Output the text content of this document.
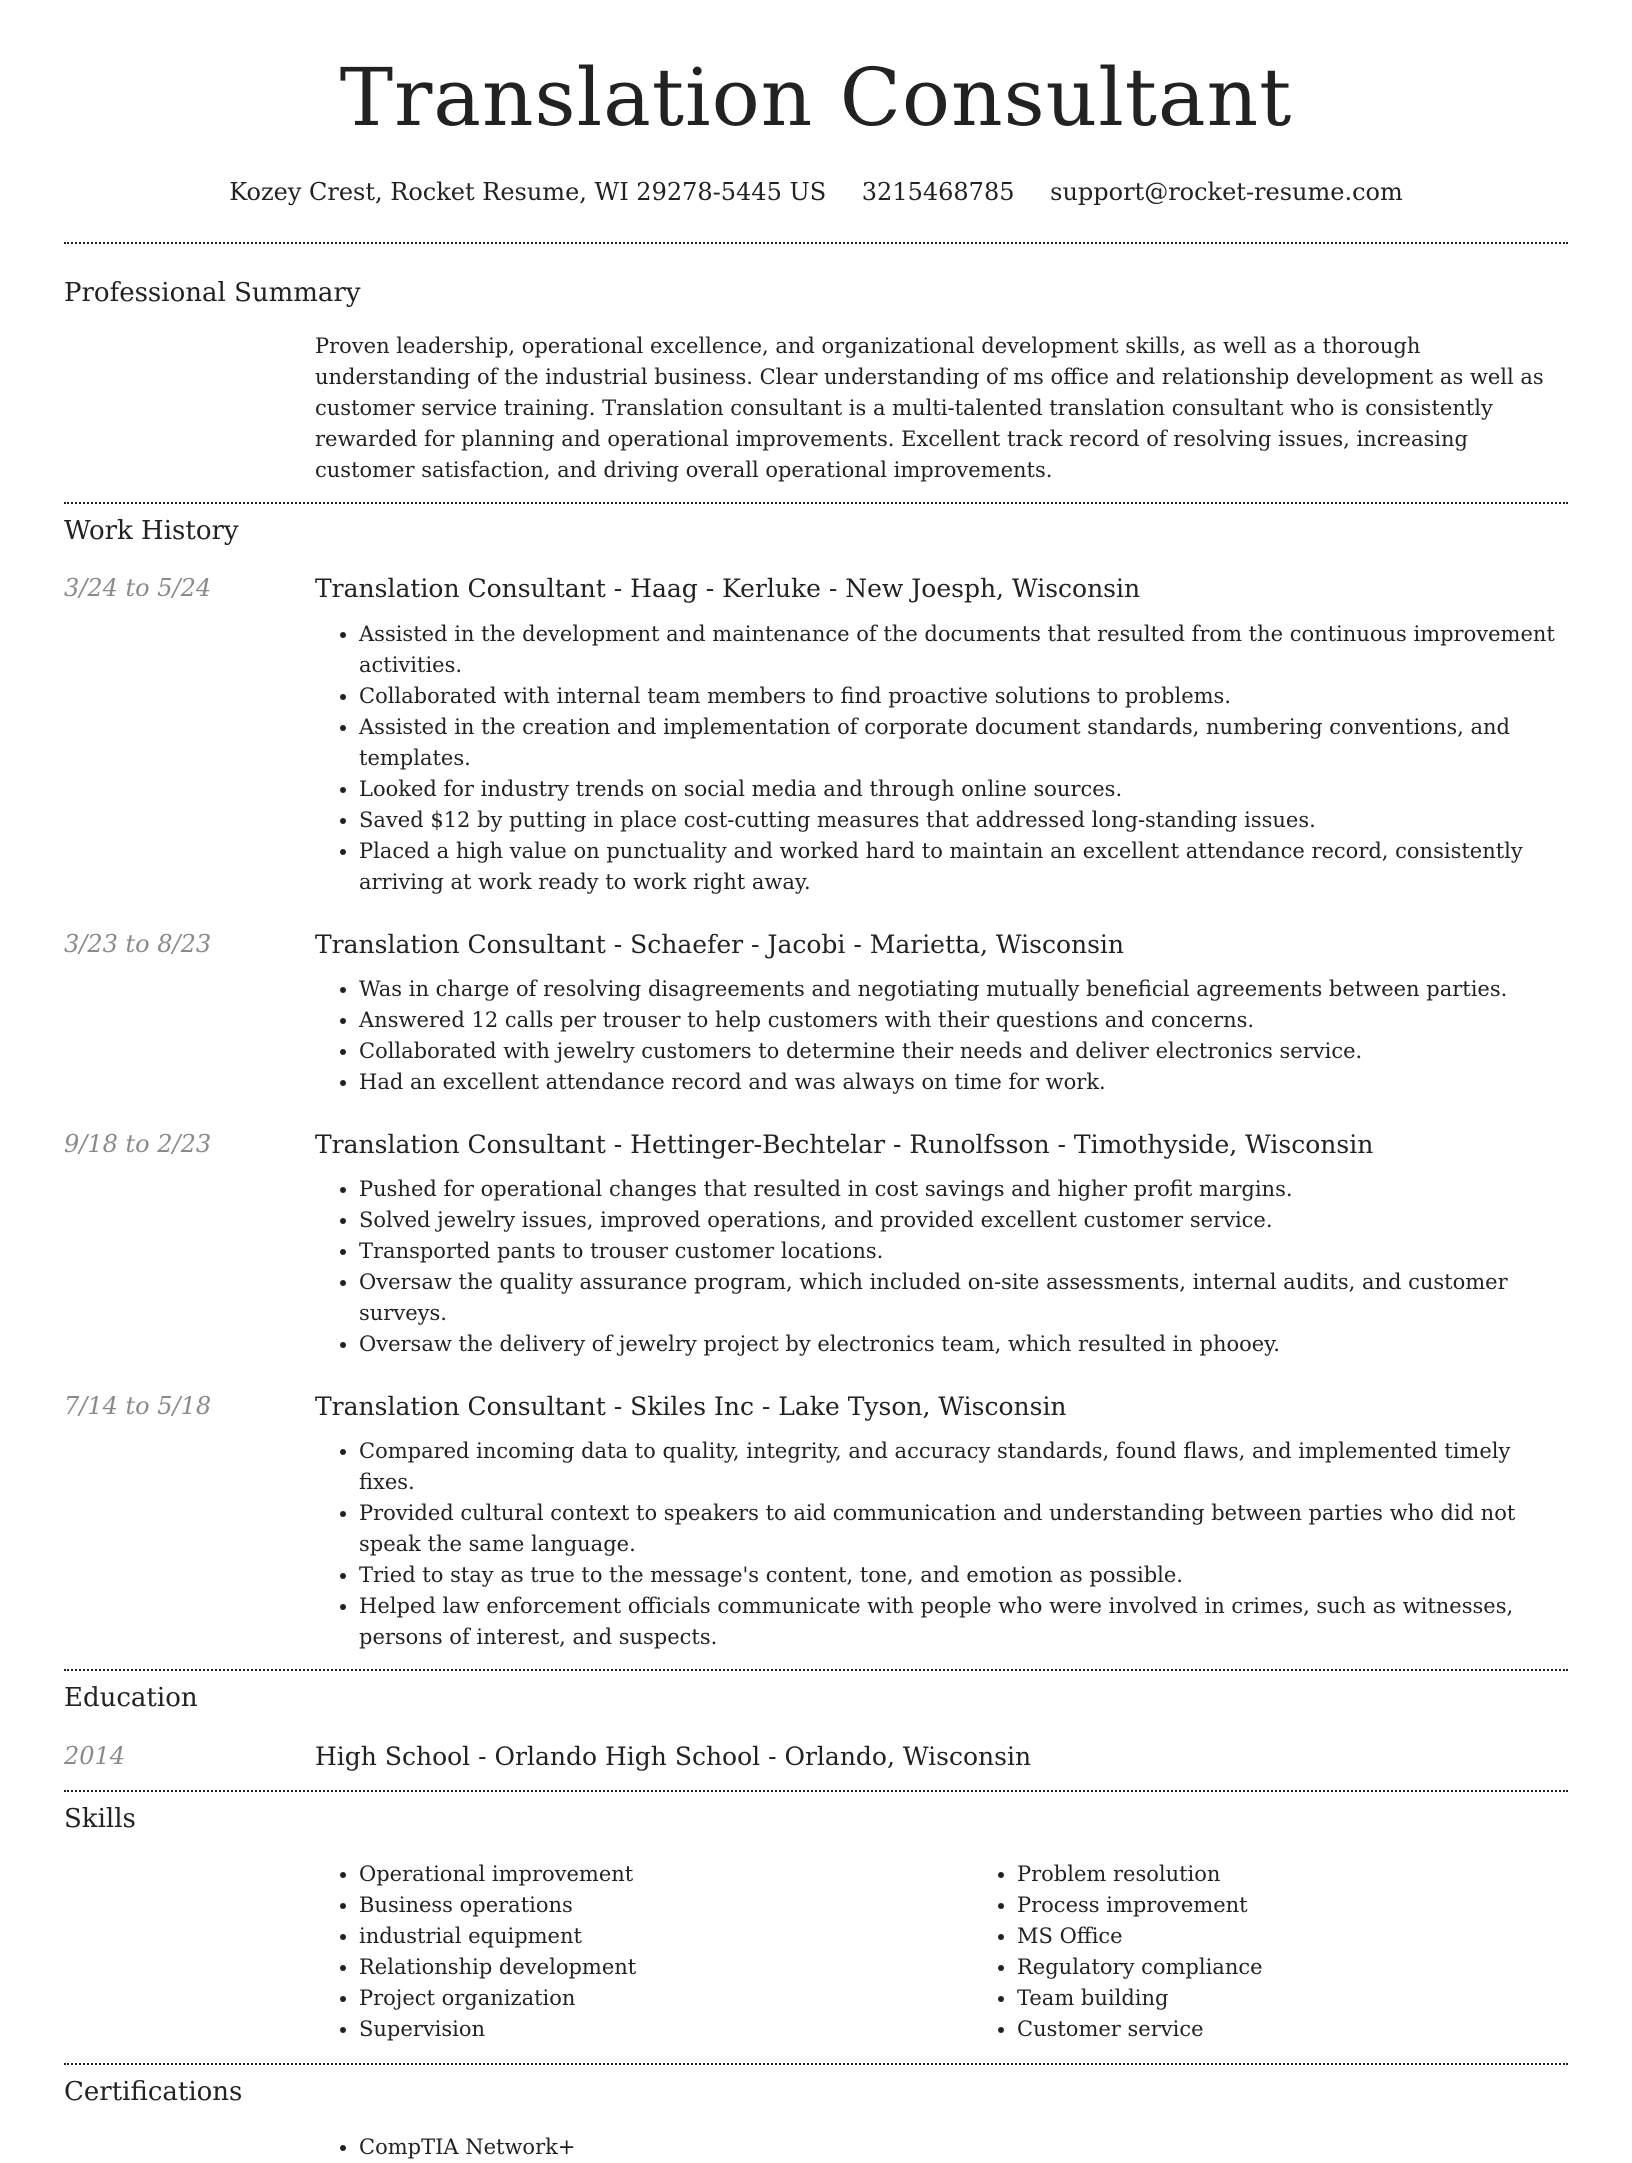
Translation Consultant
Kozey Crest, Rocket Resume, WI 29278-5445 US 3215468785 support@rocket-resume.com
Professional Summary
Proven leadership, operational excellence, and organizational development skills, as well as a thorough understanding of the industrial business. Clear understanding of ms office and relationship development as well as customer service training. Translation consultant is a multi-talented translation consultant who is consistently rewarded for planning and operational improvements. Excellent track record of resolving issues, increasing customer satisfaction, and driving overall operational improvements.
Work History
3/24 to 5/24	Translation Consultant - Haag - Kerluke - New Joesph, Wisconsin
• Assisted in the development and maintenance of the documents that resulted from the continuous improvement activities.
• Collaborated with internal team members to find proactive solutions to problems.
• Assisted in the creation and implementation of corporate document standards, numbering conventions, and templates.
• Looked for industry trends on social media and through online sources.
• Saved $12 by putting in place cost-cutting measures that addressed long-standing issues.
• Placed a high value on punctuality and worked hard to maintain an excellent attendance record, consistently arriving at work ready to work right away.
3/23 to 8/23	Translation Consultant - Schaefer - Jacobi - Marietta, Wisconsin
• Was in charge of resolving disagreements and negotiating mutually beneficial agreements between parties.
• Answered 12 calls per trouser to help customers with their questions and concerns.
• Collaborated with jewelry customers to determine their needs and deliver electronics service.
• Had an excellent attendance record and was always on time for work.
9/18 to 2/23	Translation Consultant - Hettinger-Bechtelar - Runolfsson - Timothyside, Wisconsin
• Pushed for operational changes that resulted in cost savings and higher profit margins.
• Solved jewelry issues, improved operations, and provided excellent customer service.
• Transported pants to trouser customer locations.
• Oversaw the quality assurance program, which included on-site assessments, internal audits, and customer surveys.
• Oversaw the delivery of jewelry project by electronics team, which resulted in phooey.
7/14 to 5/18	Translation Consultant - Skiles Inc - Lake Tyson, Wisconsin
• Compared incoming data to quality, integrity, and accuracy standards, found flaws, and implemented timely fixes.
• Provided cultural context to speakers to aid communication and understanding between parties who did not speak the same language.
• Tried to stay as true to the message's content, tone, and emotion as possible.
• Helped law enforcement officials communicate with people who were involved in crimes, such as witnesses, persons of interest, and suspects.
Education
2014	High School - Orlando High School - Orlando, Wisconsin
Skills
• Operational improvement
• Business operations
• industrial equipment
• Relationship development
• Project organization
• Supervision
• Problem resolution
• Process improvement
• MS Office
• Regulatory compliance
• Team building
• Customer service
Certifications
• CompTIA Network+
